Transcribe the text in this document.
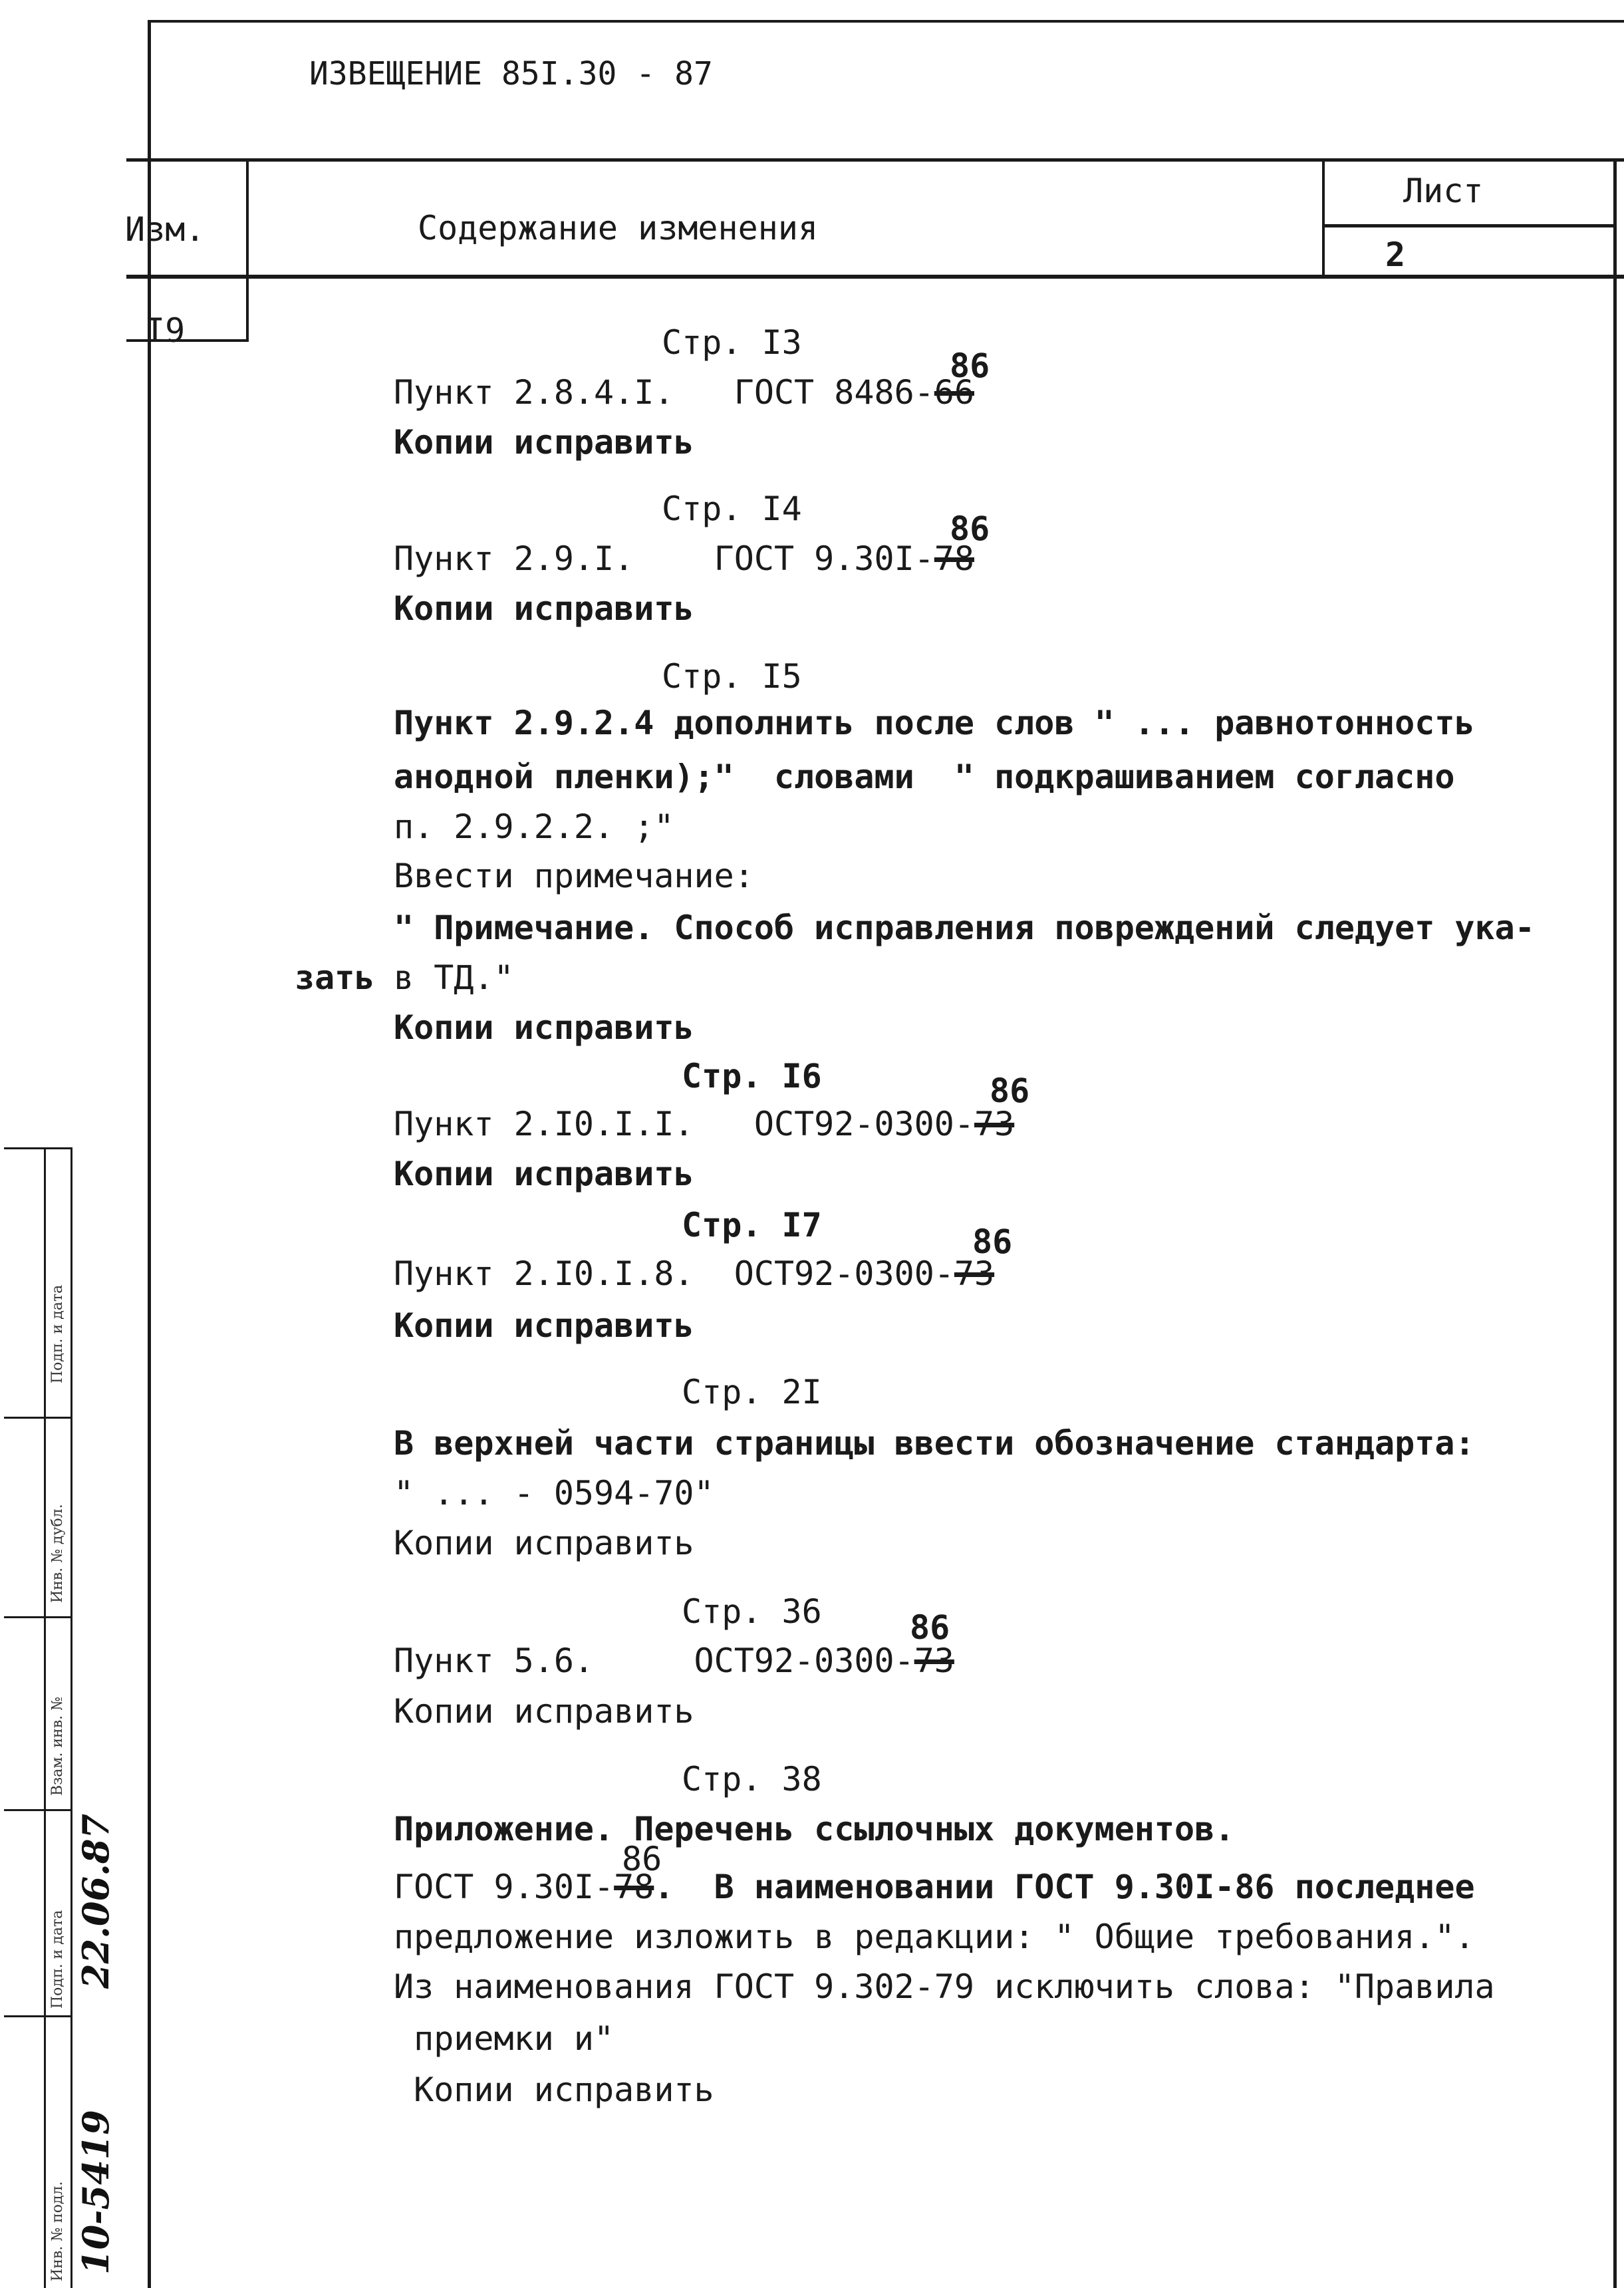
Подп. и дата
Инв. № дубл.
Взам. инв. №
Подп. и дата
Инв. № подл.
22.06.87
10-5419
ИЗВЕЩЕНИЕ 85I.30 - 87
Изм.	Содержание изменения
Лист
2
I9	Стр. I3
86
Пункт 2.8.4.I. ГОСТ 8486-66
Копии исправить
Стр. I4
86
Пункт 2.9.I. ГОСТ 9.30I-78
Копии исправить
Стр. I5
Пункт 2.9.2.4 дополнить после слов " ... равнотонность
анодной пленки);"  словами  " подкрашиванием согласно
п. 2.9.2.2. ;"
Ввести примечание:
" Примечание. Способ исправления повреждений следует ука-
зать в ТД."
Копии исправить
Стр. I6	86
Пункт 2.I0.I.I. ОСТ92-0300-73
Копии исправить
Стр. I7	86
Пункт 2.I0.I.8. ОСТ92-0300-73
Копии исправить
Стр. 2I
В верхней части страницы ввести обозначение стандарта:
" ... - 0594-70"
Копии исправить
Стр. 36	86
Пункт 5.6.	ОСТ92-0300-73
Копии исправить
Стр. 38
Приложение. Перечень ссылочных документов.
86
ГОСТ 9.30I-78.  В наименовании ГОСТ 9.30I-86 последнее
предложение изложить в редакции: " Общие требования.".
Из наименования ГОСТ 9.302-79 исключить слова: "Правила
приемки и"
Копии исправить
